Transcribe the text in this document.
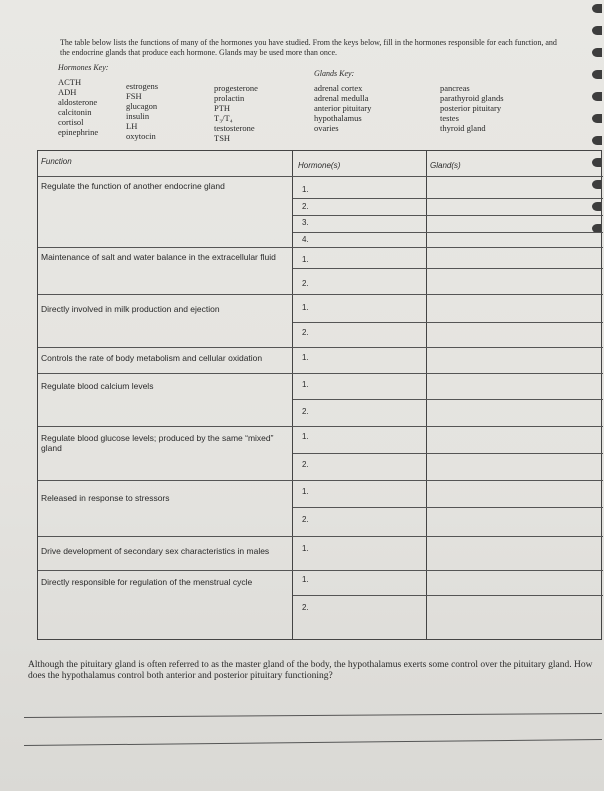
The table below lists the functions of many of the hormones you have studied. From the keys below, fill in the hormones responsible for each function, and the endocrine glands that produce each hormone. Glands may be used more than once.

Hormones Key:
Glands Key:
ACTH
ADH
aldosterone
calcitonin
cortisol
epinephrine
estrogens
FSH
glucagon
insulin
LH
oxytocin
progesterone
prolactin
PTH
T₃/T₄
testosterone
TSH
adrenal cortex
adrenal medulla
anterior pituitary
hypothalamus
ovaries
pancreas
parathyroid glands
posterior pituitary
testes
thyroid gland
Function	Hormone(s)	Gland(s)
Regulate the function of another endocrine gland
Maintenance of salt and water balance in the extracellular fluid
Directly involved in milk production and ejection
Controls the rate of body metabolism and cellular oxidation
Regulate blood calcium levels
Regulate blood glucose levels; produced by the same “mixed” gland
Released in response to stressors
Drive development of secondary sex characteristics in males
Directly responsible for regulation of the menstrual cycle
1.
2.
3.
4.
1.
2.
1.
2.
1.
1.
2.
1.
2.
1.
2.
1.
1.
2.

Although the pituitary gland is often referred to as the master gland of the body, the hypothalamus exerts some control over the pituitary gland. How does the hypothalamus control both anterior and posterior pituitary functioning?
